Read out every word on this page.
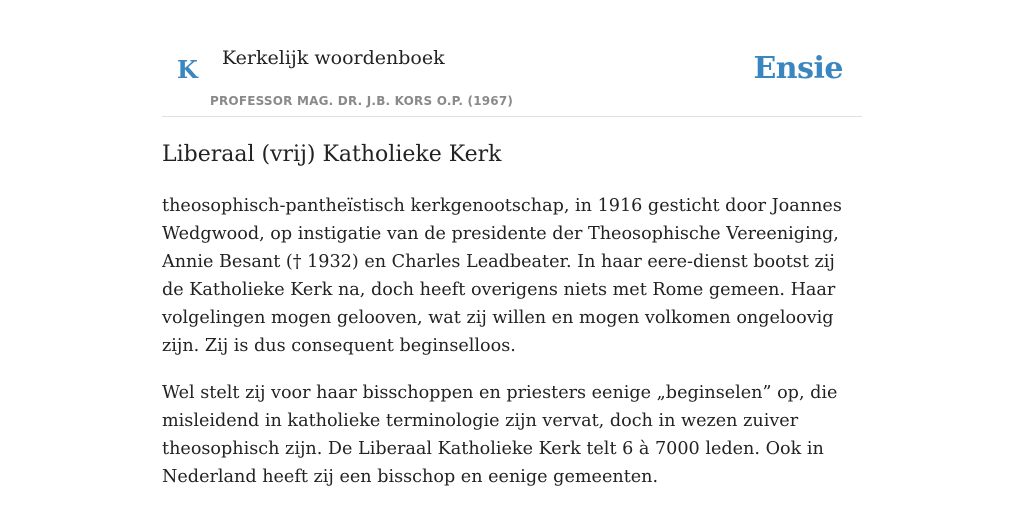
K Kerkelijk woordenboek
PROFESSOR MAG. DR. J.B. KORS O.P. (1967)
Ensie
Liberaal (vrij) Katholieke Kerk

theosophisch-pantheïstisch kerkgenootschap, in 1916 gesticht door Joannes Wedgwood, op instigatie van de presidente der Theosophische Vereeniging, Annie Besant († 1932) en Charles Leadbeater. In haar eere-dienst bootst zij de Katholieke Kerk na, doch heeft overigens niets met Rome gemeen. Haar volgelingen mogen gelooven, wat zij willen en mogen volkomen ongeloovig zijn. Zij is dus consequent beginselloos.

Wel stelt zij voor haar bisschoppen en priesters eenige „beginselen” op, die misleidend in katholieke terminologie zijn vervat, doch in wezen zuiver theosophisch zijn. De Liberaal Katholieke Kerk telt 6 à 7000 leden. Ook in Nederland heeft zij een bisschop en eenige gemeenten.
